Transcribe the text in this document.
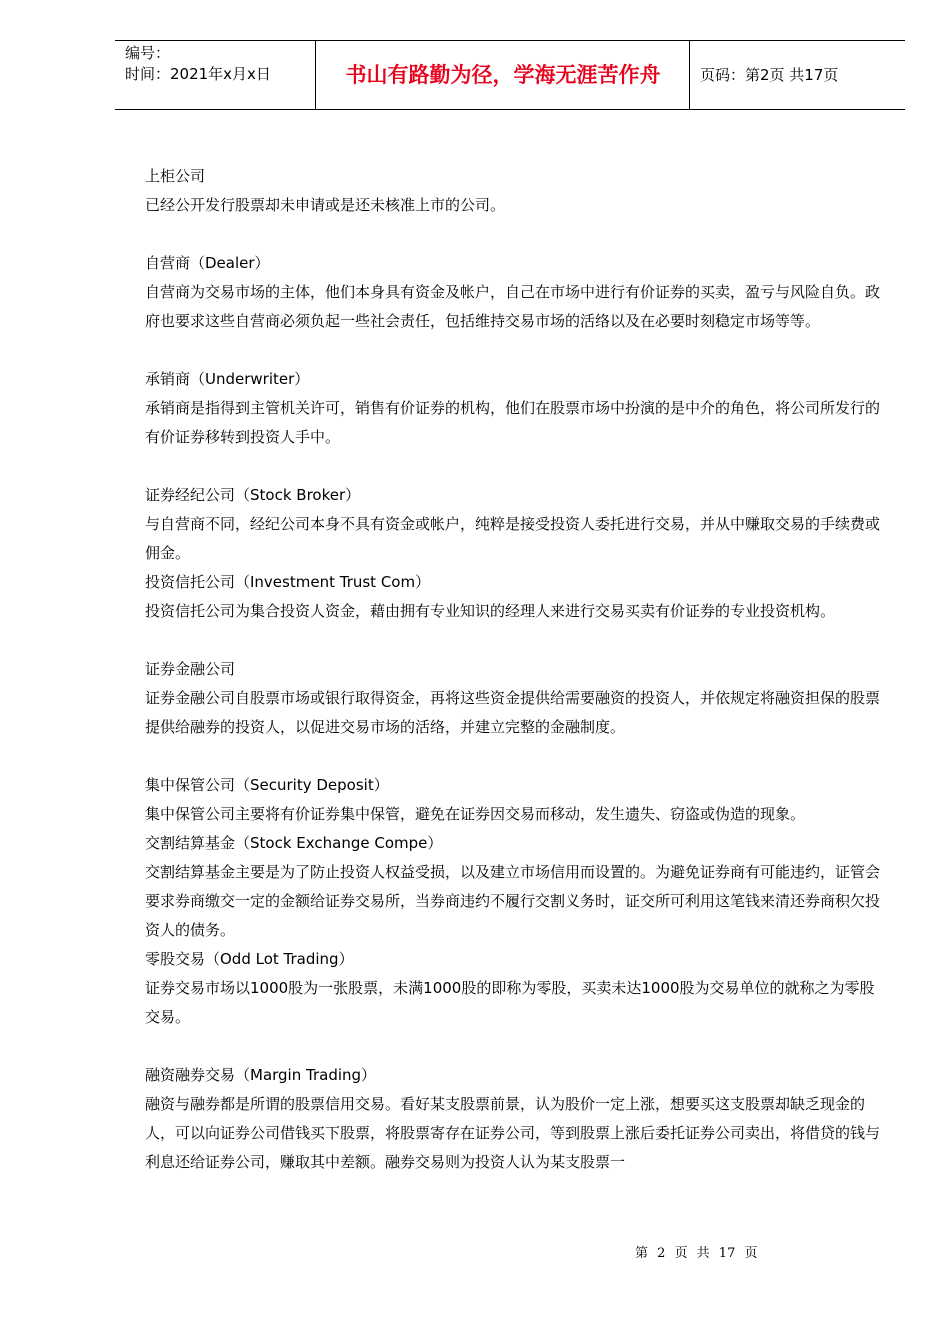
编号：
时间：2021年x月x日	书山有路勤为径，学海无涯苦作舟	页码：第2页 共17页

上柜公司

已经公开发行股票却未申请或是还未核准上市的公司。

自营商（Dealer）

自营商为交易市场的主体，他们本身具有资金及帐户，自己在市场中进行有价证券的买卖，盈亏与风险自负。政府也要求这些自营商必须负起一些社会责任，包括维持交易市场的活络以及在必要时刻稳定市场等等。

承销商（Underwriter）

承销商是指得到主管机关许可，销售有价证券的机构，他们在股票市场中扮演的是中介的角色，将公司所发行的有价证券移转到投资人手中。

证券经纪公司（Stock Broker）

与自营商不同，经纪公司本身不具有资金或帐户，纯粹是接受投资人委托进行交易，并从中赚取交易的手续费或佣金。

投资信托公司（Investment Trust Com）

投资信托公司为集合投资人资金，藉由拥有专业知识的经理人来进行交易买卖有价证券的专业投资机构。

证券金融公司

证券金融公司自股票市场或银行取得资金，再将这些资金提供给需要融资的投资人，并依规定将融资担保的股票提供给融券的投资人，以促进交易市场的活络，并建立完整的金融制度。

集中保管公司（Security Deposit）

集中保管公司主要将有价证券集中保管，避免在证券因交易而移动，发生遗失、窃盗或伪造的现象。

交割结算基金（Stock Exchange Compe）

交割结算基金主要是为了防止投资人权益受损，以及建立市场信用而设置的。为避免证券商有可能违约，证管会要求券商缴交一定的金额给证券交易所，当券商违约不履行交割义务时，证交所可利用这笔钱来清还券商积欠投资人的债务。

零股交易（Odd Lot Trading）

证券交易市场以1000股为一张股票，未满1000股的即称为零股，买卖未达1000股为交易单位的就称之为零股交易。

融资融券交易（Margin Trading）

融资与融券都是所谓的股票信用交易。看好某支股票前景，认为股价一定上涨，想要买这支股票却缺乏现金的人，可以向证券公司借钱买下股票，将股票寄存在证券公司，等到股票上涨后委托证券公司卖出，将借贷的钱与利息还给证券公司，赚取其中差额。融券交易则为投资人认为某支股票一

第 2 页 共 17 页
